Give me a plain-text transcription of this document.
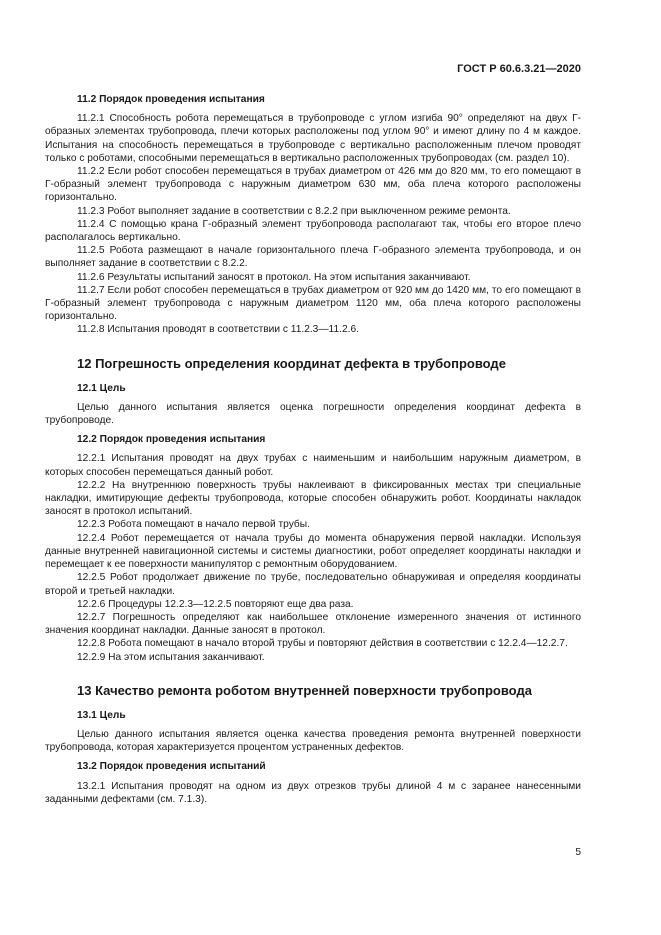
ГОСТ Р 60.6.3.21—2020
11.2 Порядок проведения испытания
11.2.1 Способность робота перемещаться в трубопроводе с углом изгиба 90° определяют на двух Г-образных элементах трубопровода, плечи которых расположены под углом 90° и имеют длину по 4 м каждое. Испытания на способность перемещаться в трубопроводе с вертикально расположенным плечом проводят только с роботами, способными перемещаться в вертикально расположенных трубопроводах (см. раздел 10).
11.2.2 Если робот способен перемещаться в трубах диаметром от 426 мм до 820 мм, то его помещают в Г-образный элемент трубопровода с наружным диаметром 630 мм, оба плеча которого расположены горизонтально.
11.2.3 Робот выполняет задание в соответствии с 8.2.2 при выключенном режиме ремонта.
11.2.4 С помощью крана Г-образный элемент трубопровода располагают так, чтобы его второе плечо располагалось вертикально.
11.2.5 Робота размещают в начале горизонтального плеча Г-образного элемента трубопровода, и он выполняет задание в соответствии с 8.2.2.
11.2.6 Результаты испытаний заносят в протокол. На этом испытания заканчивают.
11.2.7 Если робот способен перемещаться в трубах диаметром от 920 мм до 1420 мм, то его помещают в Г-образный элемент трубопровода с наружным диаметром 1120 мм, оба плеча которого расположены горизонтально.
11.2.8 Испытания проводят в соответствии с 11.2.3—11.2.6.
12 Погрешность определения координат дефекта в трубопроводе
12.1 Цель
Целью данного испытания является оценка погрешности определения координат дефекта в трубопроводе.
12.2 Порядок проведения испытания
12.2.1 Испытания проводят на двух трубах с наименьшим и наибольшим наружным диаметром, в которых способен перемещаться данный робот.
12.2.2 На внутреннюю поверхность трубы наклеивают в фиксированных местах три специальные накладки, имитирующие дефекты трубопровода, которые способен обнаружить робот. Координаты накладок заносят в протокол испытаний.
12.2.3 Робота помещают в начало первой трубы.
12.2.4 Робот перемещается от начала трубы до момента обнаружения первой накладки. Используя данные внутренней навигационной системы и системы диагностики, робот определяет координаты накладки и перемещает к ее поверхности манипулятор с ремонтным оборудованием.
12.2.5 Робот продолжает движение по трубе, последовательно обнаруживая и определяя координаты второй и третьей накладки.
12.2.6 Процедуры 12.2.3—12.2.5 повторяют еще два раза.
12.2.7 Погрешность определяют как наибольшее отклонение измеренного значения от истинного значения координат накладки. Данные заносят в протокол.
12.2.8 Робота помещают в начало второй трубы и повторяют действия в соответствии с 12.2.4—12.2.7.
12.2.9 На этом испытания заканчивают.
13 Качество ремонта роботом внутренней поверхности трубопровода
13.1 Цель
Целью данного испытания является оценка качества проведения ремонта внутренней поверхности трубопровода, которая характеризуется процентом устраненных дефектов.
13.2 Порядок проведения испытаний
13.2.1 Испытания проводят на одном из двух отрезков трубы длиной 4 м с заранее нанесенными заданными дефектами (см. 7.1.3).
5
